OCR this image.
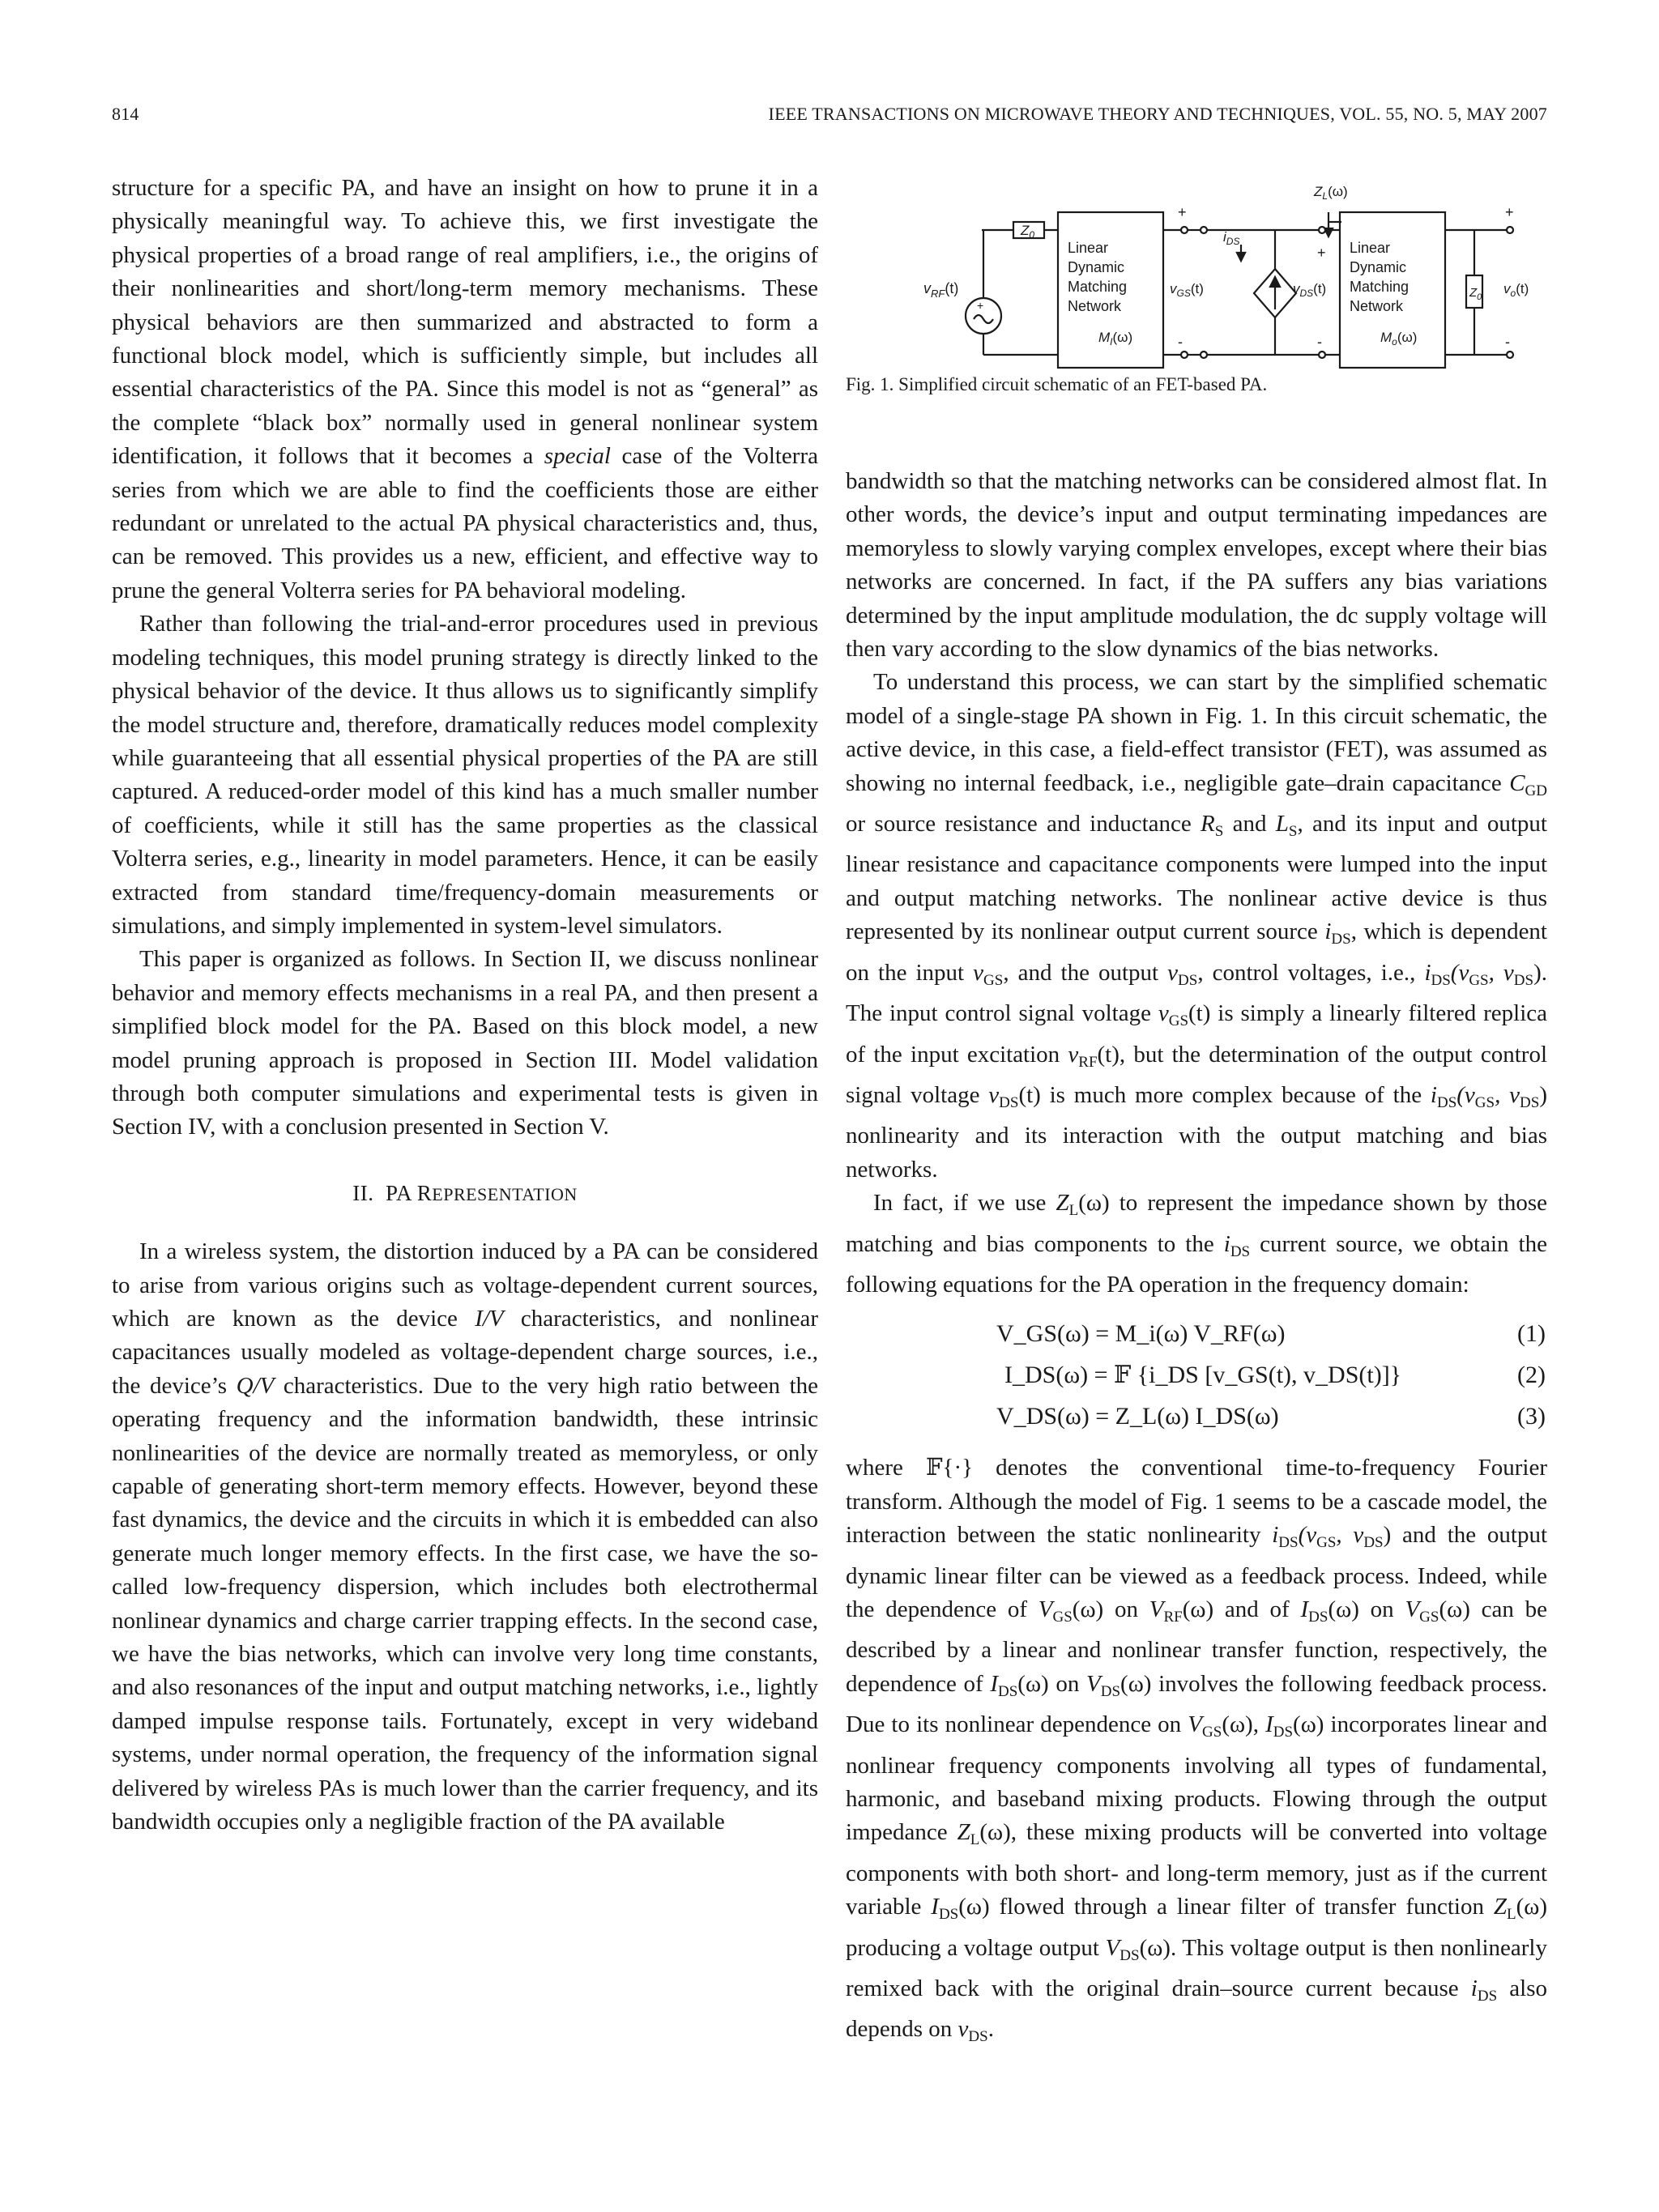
814	IEEE TRANSACTIONS ON MICROWAVE THEORY AND TECHNIQUES, VOL. 55, NO. 5, MAY 2007

structure for a specific PA, and have an insight on how to prune it in a physically meaningful way. To achieve this, we first investigate the physical properties of a broad range of real amplifiers, i.e., the origins of their nonlinearities and short/long-term memory mechanisms. These physical behaviors are then summarized and abstracted to form a functional block model, which is sufficiently simple, but includes all essential characteristics of the PA. Since this model is not as “general” as the complete “black box” normally used in general nonlinear system identification, it follows that it becomes a special case of the Volterra series from which we are able to find the coefficients those are either redundant or unrelated to the actual PA physical characteristics and, thus, can be removed. This provides us a new, efficient, and effective way to prune the general Volterra series for PA behavioral modeling.

Rather than following the trial-and-error procedures used in previous modeling techniques, this model pruning strategy is directly linked to the physical behavior of the device. It thus allows us to significantly simplify the model structure and, therefore, dramatically reduces model complexity while guaranteeing that all essential physical properties of the PA are still captured. A reduced-order model of this kind has a much smaller number of coefficients, while it still has the same properties as the classical Volterra series, e.g., linearity in model parameters. Hence, it can be easily extracted from standard time/frequency-domain measurements or simulations, and simply implemented in system-level simulators.

This paper is organized as follows. In Section II, we discuss nonlinear behavior and memory effects mechanisms in a real PA, and then present a simplified block model for the PA. Based on this block model, a new model pruning approach is proposed in Section III. Model validation through both computer simulations and experimental tests is given in Section IV, with a conclusion presented in Section V.

II. PA REPRESENTATION

In a wireless system, the distortion induced by a PA can be considered to arise from various origins such as voltage-dependent current sources, which are known as the device I/V characteristics, and nonlinear capacitances usually modeled as voltage-dependent charge sources, i.e., the device’s Q/V characteristics. Due to the very high ratio between the operating frequency and the information bandwidth, these intrinsic nonlinearities of the device are normally treated as memoryless, or only capable of generating short-term memory effects. However, beyond these fast dynamics, the device and the circuits in which it is embedded can also generate much longer memory effects. In the first case, we have the so-called low-frequency dispersion, which includes both electrothermal nonlinear dynamics and charge carrier trapping effects. In the second case, we have the bias networks, which can involve very long time constants, and also resonances of the input and output matching networks, i.e., lightly damped impulse response tails. Fortunately, except in very wideband systems, under normal operation, the frequency of the information signal delivered by wireless PAs is much lower than the carrier frequency, and its bandwidth occupies only a negligible fraction of the PA available

$v_{RF}(t)$
+
$Z_0$
Linear
Dynamic
Matching
Network
$M_I(\omega)$
+
-
$v_{GS}(t)$
$i_{DS}$
$Z_L(\omega)$
$v_{DS}(t)$
+
-
Linear
Dynamic
Matching
Network
$M_o(\omega)$
$Z_0$
+
-
$v_o(t)$
Fig. 1. Simplified circuit schematic of an FET-based PA.

bandwidth so that the matching networks can be considered almost flat. In other words, the device’s input and output terminating impedances are memoryless to slowly varying complex envelopes, except where their bias networks are concerned. In fact, if the PA suffers any bias variations determined by the input amplitude modulation, the dc supply voltage will then vary according to the slow dynamics of the bias networks.

To understand this process, we can start by the simplified schematic model of a single-stage PA shown in Fig. 1. In this circuit schematic, the active device, in this case, a field-effect transistor (FET), was assumed as showing no internal feedback, i.e., negligible gate–drain capacitance $C_{GD}$ or source resistance and inductance $R_S$ and $L_S$, and its input and output linear resistance and capacitance components were lumped into the input and output matching networks. The nonlinear active device is thus represented by its nonlinear output current source $i_{DS}$, which is dependent on the input $v_{GS}$, and the output $v_{DS}$, control voltages, i.e., $i_{DS}(v_{GS}$, $v_{DS}$). The input control signal voltage $v_{GS}(t)$ is simply a linearly filtered replica of the input excitation $v_{RF}(t)$, but the determination of the output control signal voltage $v_{DS}(t)$ is much more complex because of the $i_{DS}(v_{GS}$, $v_{DS}$) nonlinearity and its interaction with the output matching and bias networks.

In fact, if we use $Z_L(\omega)$ to represent the impedance shown by those matching and bias components to the $i_{DS}$ current source, we obtain the following equations for the PA operation in the frequency domain:

V_GS(ω) = M_i(ω) V_RF(ω)	(1)
I_DS(ω) = 𝔽 {i_DS [v_GS(t), v_DS(t)]}	(2)
V_DS(ω) = Z_L(ω) I_DS(ω)	(3)

where 𝔽{·} denotes the conventional time-to-frequency Fourier transform. Although the model of Fig. 1 seems to be a cascade model, the interaction between the static nonlinearity $i_{DS}(v_{GS}$, $v_{DS}$) and the output dynamic linear filter can be viewed as a feedback process. Indeed, while the dependence of $V_{GS}(\omega)$ on $V_{RF}(\omega)$ and of $I_{DS}(\omega)$ on $V_{GS}(\omega)$ can be described by a linear and nonlinear transfer function, respectively, the dependence of $I_{DS}(\omega)$ on $V_{DS}(\omega)$ involves the following feedback process. Due to its nonlinear dependence on $V_{GS}(\omega)$, $I_{DS}(\omega)$ incorporates linear and nonlinear frequency components involving all types of fundamental, harmonic, and baseband mixing products. Flowing through the output impedance $Z_L(\omega)$, these mixing products will be converted into voltage components with both short- and long-term memory, just as if the current variable $I_{DS}(\omega)$ flowed through a linear filter of transfer function $Z_L(\omega)$ producing a voltage output $V_{DS}(\omega)$. This voltage output is then nonlinearly remixed back with the original drain–source current because $i_{DS}$ also depends on $v_{DS}$.
